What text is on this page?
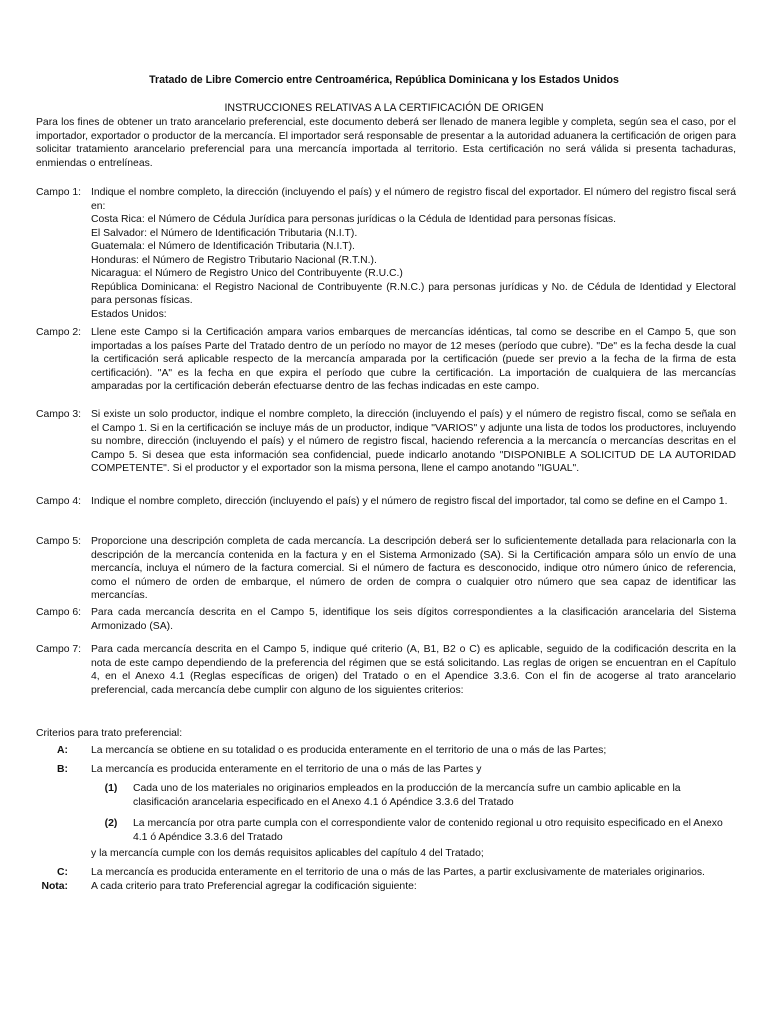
Tratado de Libre Comercio entre Centroamérica, República Dominicana y los Estados Unidos
INSTRUCCIONES RELATIVAS A LA CERTIFICACIÓN DE ORIGEN
Para los fines de obtener un trato arancelario preferencial, este documento deberá ser llenado de manera legible y completa, según sea el caso, por el importador, exportador o productor de la mercancía. El importador será responsable de presentar a la autoridad aduanera la certificación de origen para solicitar tratamiento arancelario preferencial para una mercancía importada al territorio. Esta certificación no será válida si presenta tachaduras, enmiendas o entrelíneas.
Campo 1: Indique el nombre completo, la dirección (incluyendo el país) y el número de registro fiscal del exportador. El número del registro fiscal será en:

Costa Rica: el Número de Cédula Jurídica para personas jurídicas o la Cédula de Identidad para personas físicas.

El Salvador: el Número de Identificación Tributaria (N.I.T).

Guatemala: el Número de Identificación Tributaria (N.I.T).

Honduras: el Número de Registro Tributario Nacional (R.T.N.).

Nicaragua: el Número de Registro Unico del Contribuyente (R.U.C.)

República Dominicana: el Registro Nacional de Contribuyente (R.N.C.) para personas jurídicas y No. de Cédula de Identidad y Electoral para personas físicas.

Estados Unidos:

Campo 2: Llene este Campo si la Certificación ampara varios embarques de mercancías idénticas, tal como se describe en el Campo 5, que son importadas a los países Parte del Tratado dentro de un período no mayor de 12 meses (período que cubre). "De" es la fecha desde la cual la certificación será aplicable respecto de la mercancía amparada por la certificación (puede ser previo a la fecha de la firma de esta certificación). "A" es la fecha en que expira el período que cubre la certificación. La importación de cualquiera de las mercancías amparadas por la certificación deberán efectuarse dentro de las fechas indicadas en este campo.

Campo 3: Si existe un solo productor, indique el nombre completo, la dirección (incluyendo el país) y el número de registro fiscal, como se señala en el Campo 1. Si en la certificación se incluye más de un productor, indique "VARIOS" y adjunte una lista de todos los productores, incluyendo su nombre, dirección (incluyendo el país) y el número de registro fiscal, haciendo referencia a la mercancía o mercancías descritas en el Campo 5. Si desea que esta información sea confidencial, puede indicarlo anotando "DISPONIBLE A SOLICITUD DE LA AUTORIDAD COMPETENTE". Si el productor y el exportador son la misma persona, llene el campo anotando "IGUAL".

Campo 4: Indique el nombre completo, dirección (incluyendo el país) y el número de registro fiscal del importador, tal como se define en el Campo 1.

Campo 5: Proporcione una descripción completa de cada mercancía. La descripción deberá ser lo suficientemente detallada para relacionarla con la descripción de la mercancía contenida en la factura y en el Sistema Armonizado (SA). Si la Certificación ampara sólo un envío de una mercancía, incluya el número de la factura comercial. Si el número de factura es desconocido, indique otro número único de referencia, como el número de orden de embarque, el número de orden de compra o cualquier otro número que sea capaz de identificar las mercancías.

Campo 6: Para cada mercancía descrita en el Campo 5, identifique los seis dígitos correspondientes a la clasificación arancelaria del Sistema Armonizado (SA).

Campo 7: Para cada mercancía descrita en el Campo 5, indique qué criterio (A, B1, B2 o C) es aplicable, seguido de la codificación descrita en la nota de este campo dependiendo de la preferencia del régimen que se está solicitando. Las reglas de origen se encuentran en el Capítulo 4, en el Anexo 4.1 (Reglas específicas de origen) del Tratado o en el Apendice 3.3.6. Con el fin de acogerse al trato arancelario preferencial, cada mercancía debe cumplir con alguno de los siguientes criterios:

Criterios para trato preferencial:
A: La mercancía se obtiene en su totalidad o es producida enteramente en el territorio de una o más de las Partes;
B: La mercancía es producida enteramente en el territorio de una o más de las Partes y
(1)	Cada uno de los materiales no originarios empleados en la producción de la mercancía sufre un cambio aplicable en la clasificación arancelaria especificado en el Anexo 4.1 ó Apéndice 3.3.6 del Tratado
(2)	La mercancía por otra parte cumpla con el correspondiente valor de contenido regional u otro requisito especificado en el Anexo 4.1 ó Apéndice 3.3.6 del Tratado
y la mercancía cumple con los demás requisitos aplicables del capítulo 4 del Tratado;
C: La mercancía es producida enteramente en el territorio de una o más de las Partes, a partir exclusivamente de materiales originarios.
Nota: A cada criterio para trato Preferencial agregar la codificación siguiente:
